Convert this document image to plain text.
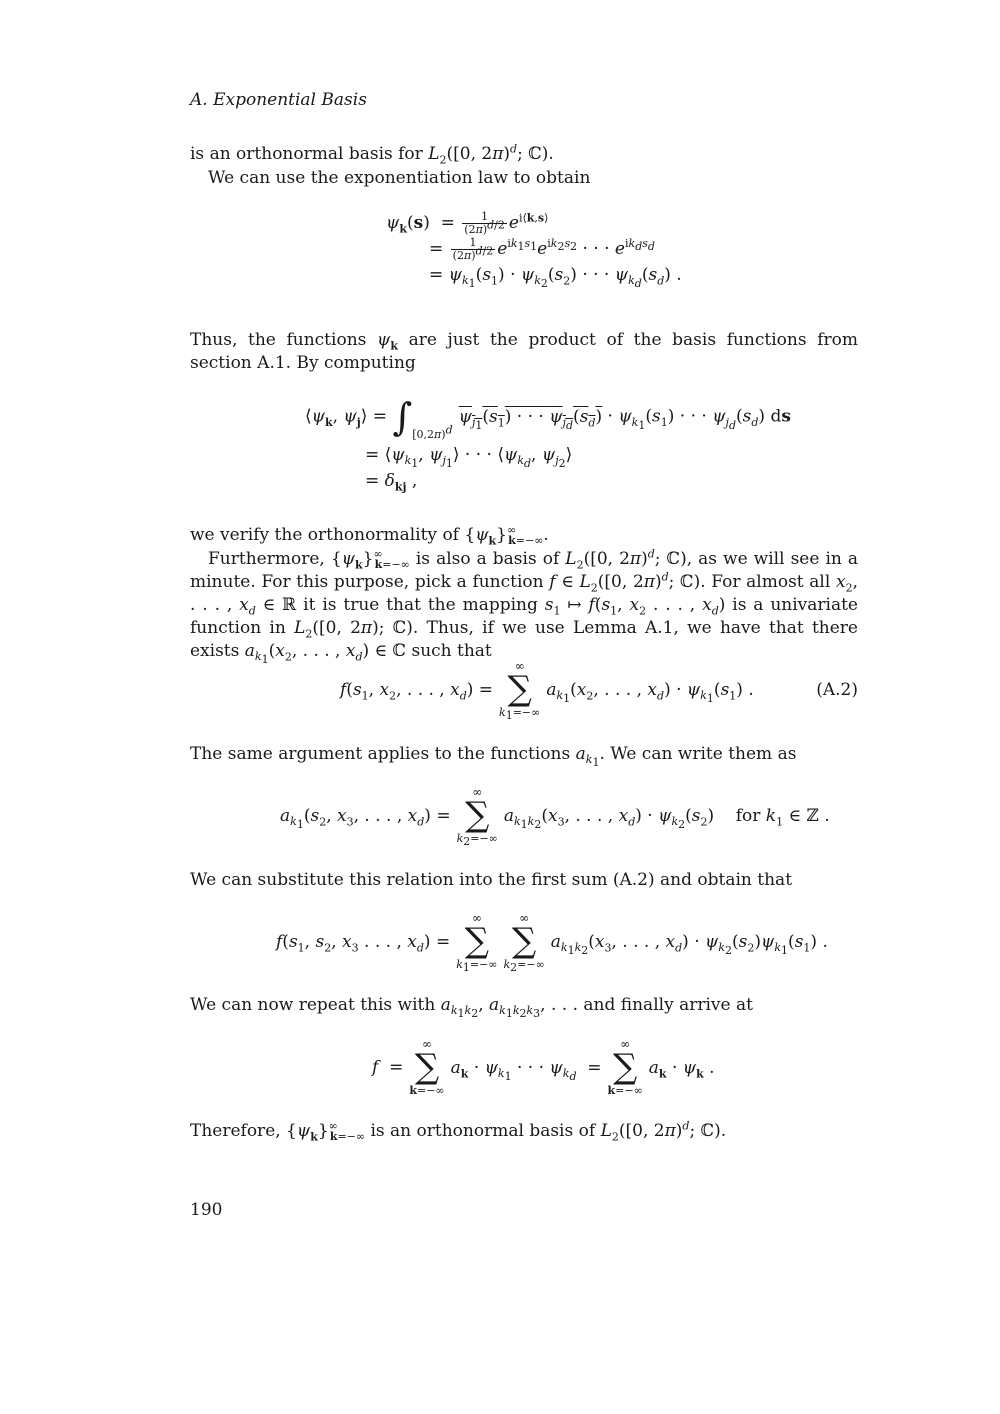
A. Exponential Basis

is an orthonormal basis for $L_2([0$, 2π)$^d$; ℂ).

We can use the exponentiation law to obtain

$\psi_k(s) = \frac{1}{(2\pi)^{d/2}} e^{i⟨k,s⟩}$
= $\frac{1}{(2\pi)^{d/2}} e^{ik_1s_1}e^{ik_2s_2}$ · · · $e^{ik_ds_d}$
= $\psi_{k_1}(s_1) \cdot \psi_{k_2}(s_2)$ · · · $\psi_{k_d}(s_d)$ .

Thus, the functions $\psi_k$ are just the product of the basis functions from section A.1. By computing

$⟨\psi_k$, $\psi_j⟩ = \int_{[0,2\pi)^d}\psi_{j_1}(s_1)$ · · · $\psi_{j_d}(s_d) \cdot \psi_{k_1}(s_1)$ · · · $\psi_{j_d}(s_d)$ ds
= $⟨\psi_{k_1}$, $\psi_{j_1}⟩$ · · · $⟨\psi_{k_d}$, $\psi_{j_2}⟩$
= $\delta_{kj}$ ,

we verify the orthonormality of $\{\psi_k\}^\infty_{k=-\infty}$.

Furthermore, $\{\psi_k\}^\infty_{k=-\infty}$ is also a basis of $L_2([0$, 2π)$^d$; ℂ), as we will see in a minute. For this purpose, pick a function f ∈ $L_2([0$, 2π)$^d$; ℂ). For almost all $x_2$, . . . , $x_d$ ∈ ℝ it is true that the mapping $s_1$ ↦ $f(s_1$, $x_2$ . . . , $x_d$) is a univariate function in $L_2([0$, 2π); ℂ). Thus, if we use Lemma A.1, we have that there exists $a_{k_1}(x_2$, . . . , $x_d$) ∈ ℂ such that

$f(s_1$, $x_2$, . . . , $x_d$) =
∞
∑
$k_1=-\infty$
$a_{k_1}(x_2$, . . . , $x_d) \cdot \psi_{k_1}(s_1)$ .	(A.2)

The same argument applies to the functions $a_{k_1}$. We can write them as

$a_{k_1}(s_2$, $x_3$, . . . , $x_d$) =
∞
∑
$k_2=-\infty$
$a_{k_1k_2}(x_3$, . . . , $x_d) \cdot \psi_{k_2}(s_2)$    for $k_1$ ∈ ℤ .

We can substitute this relation into the first sum (A.2) and obtain that

$f(s_1$, $s_2$, $x_3$ . . . , $x_d$) =
∞
∑
$k_1=-\infty$
∞
∑
$k_2=-\infty$
$a_{k_1k_2}(x_3$, . . . , $x_d) \cdot \psi_{k_2}(s_2)\psi_{k_1}(s_1)$ .

We can now repeat this with $a_{k_1k_2}$, $a_{k_1k_2k_3}$, . . . and finally arrive at

f  =
∞
∑
k=−∞
$a_k \cdot \psi_{k_1}$ · · · $\psi_{k_d}$  =
∞
∑
k=−∞
$a_k \cdot \psi_k$ .

Therefore, $\{\psi_k\}^\infty_{k=-\infty}$ is an orthonormal basis of $L_2([0$, 2π)$^d$; ℂ).

190
